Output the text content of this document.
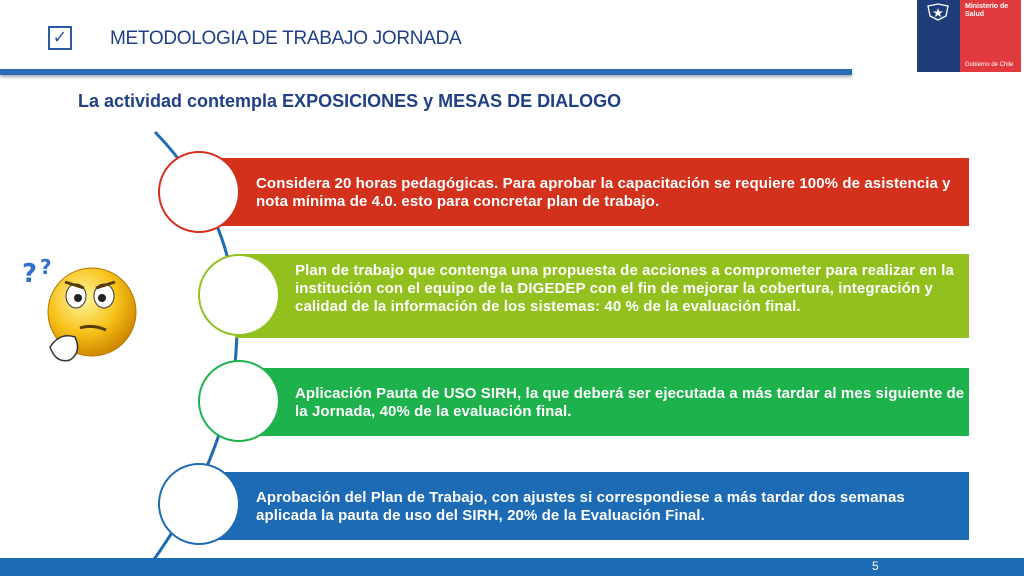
✓ METODOLOGIA DE TRABAJO JORNADA
Ministerio de Salud
Gobierno de Chile
La actividad contempla EXPOSICIONES y MESAS DE DIALOGO
Considera 20 horas pedagógicas. Para aprobar la capacitación se requiere 100% de asistencia y nota mínima de 4.0. esto para concretar plan de trabajo.
Plan de trabajo que contenga una propuesta de acciones a comprometer para realizar en la institución con el equipo de la DIGEDEP con el fin de mejorar la cobertura, integración y calidad de la información de los sistemas: 40 % de la evaluación final.
Aplicación Pauta de USO SIRH, la que deberá ser ejecutada a más tardar al mes siguiente de la Jornada, 40% de la evaluación final.
Aprobación del Plan de Trabajo, con ajustes si correspondiese a más tardar dos semanas aplicada la pauta de uso del SIRH, 20% de la Evaluación Final.
? ?
5
